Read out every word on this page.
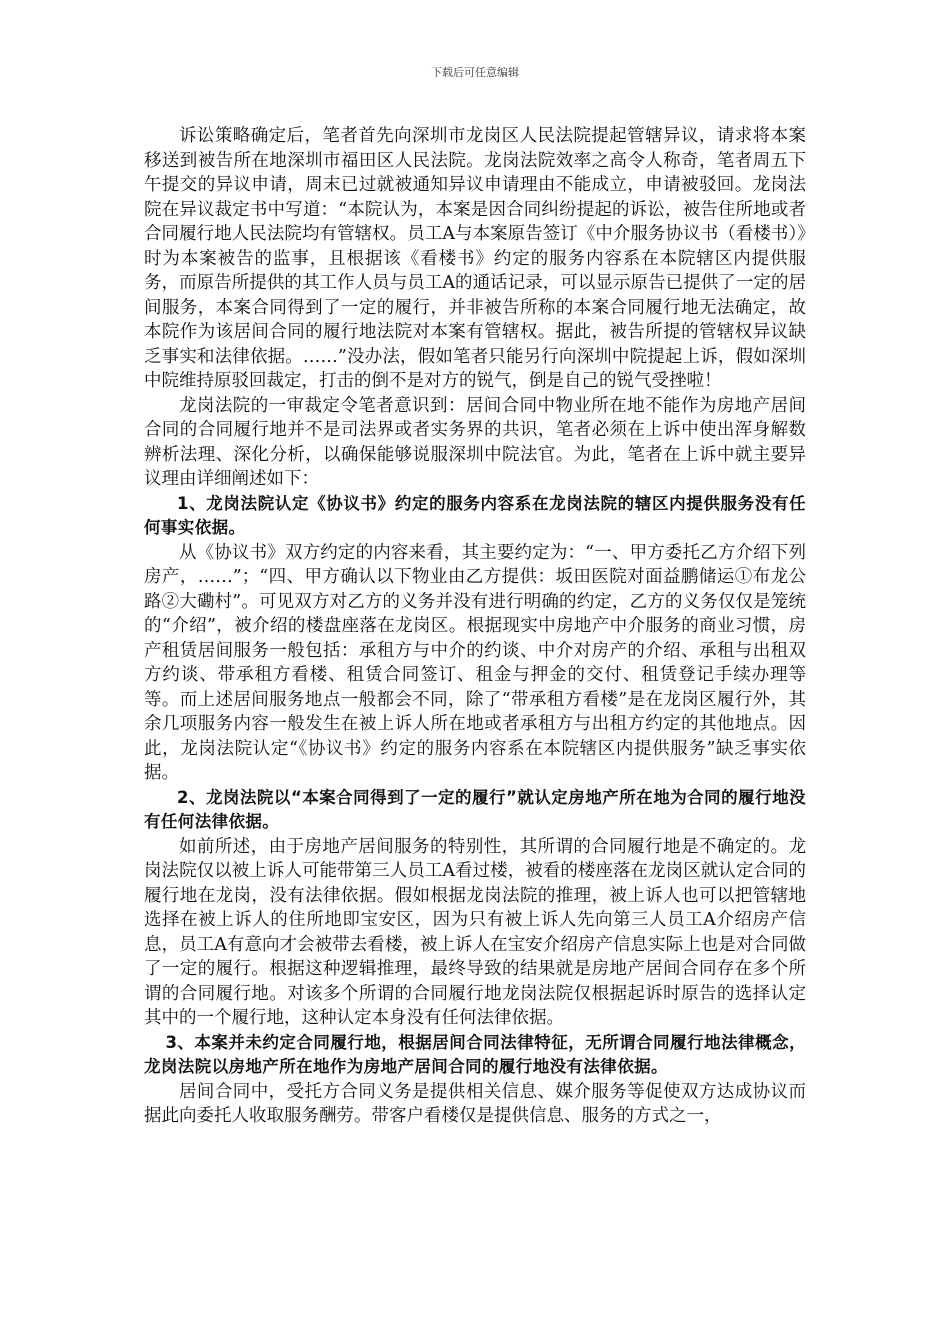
下载后可任意编辑

诉讼策略确定后，笔者首先向深圳市龙岗区人民法院提起管辖异议，请求将本案移送到被告所在地深圳市福田区人民法院。龙岗法院效率之高令人称奇，笔者周五下午提交的异议申请，周末已过就被通知异议申请理由不能成立，申请被驳回。龙岗法院在异议裁定书中写道：“本院认为，本案是因合同纠纷提起的诉讼，被告住所地或者合同履行地人民法院均有管辖权。员工A与本案原告签订《中介服务协议书（看楼书）》时为本案被告的监事，且根据该《看楼书》约定的服务内容系在本院辖区内提供服务，而原告所提供的其工作人员与员工A的通话记录，可以显示原告已提供了一定的居间服务，本案合同得到了一定的履行，并非被告所称的本案合同履行地无法确定，故本院作为该居间合同的履行地法院对本案有管辖权。据此，被告所提的管辖权异议缺乏事实和法律依据。……”没办法，假如笔者只能另行向深圳中院提起上诉，假如深圳中院维持原驳回裁定，打击的倒不是对方的锐气，倒是自己的锐气受挫啦！

龙岗法院的一审裁定令笔者意识到：居间合同中物业所在地不能作为房地产居间合同的合同履行地并不是司法界或者实务界的共识，笔者必须在上诉中使出浑身解数辨析法理、深化分析，以确保能够说服深圳中院法官。为此，笔者在上诉中就主要异议理由详细阐述如下：

1、龙岗法院认定《协议书》约定的服务内容系在龙岗法院的辖区内提供服务没有任何事实依据。

从《协议书》双方约定的内容来看，其主要约定为：“一、甲方委托乙方介绍下列房产，……”；“四、甲方确认以下物业由乙方提供：坂田医院对面益鹏储运①布龙公路②大磡村”。可见双方对乙方的义务并没有进行明确的约定，乙方的义务仅仅是笼统的“介绍”，被介绍的楼盘座落在龙岗区。根据现实中房地产中介服务的商业习惯，房产租赁居间服务一般包括：承租方与中介的约谈、中介对房产的介绍、承租与出租双方约谈、带承租方看楼、租赁合同签订、租金与押金的交付、租赁登记手续办理等等。而上述居间服务地点一般都会不同，除了“带承租方看楼”是在龙岗区履行外，其余几项服务内容一般发生在被上诉人所在地或者承租方与出租方约定的其他地点。因此，龙岗法院认定“《协议书》约定的服务内容系在本院辖区内提供服务”缺乏事实依据。

2、龙岗法院以“本案合同得到了一定的履行”就认定房地产所在地为合同的履行地没有任何法律依据。

如前所述，由于房地产居间服务的特别性，其所谓的合同履行地是不确定的。龙岗法院仅以被上诉人可能带第三人员工A看过楼，被看的楼座落在龙岗区就认定合同的履行地在龙岗，没有法律依据。假如根据龙岗法院的推理，被上诉人也可以把管辖地选择在被上诉人的住所地即宝安区，因为只有被上诉人先向第三人员工A介绍房产信息，员工A有意向才会被带去看楼，被上诉人在宝安介绍房产信息实际上也是对合同做了一定的履行。根据这种逻辑推理，最终导致的结果就是房地产居间合同存在多个所谓的合同履行地。对该多个所谓的合同履行地龙岗法院仅根据起诉时原告的选择认定其中的一个履行地，这种认定本身没有任何法律依据。

3、本案并未约定合同履行地，根据居间合同法律特征，无所谓合同履行地法律概念，龙岗法院以房地产所在地作为房地产居间合同的履行地没有法律依据。

居间合同中，受托方合同义务是提供相关信息、媒介服务等促使双方达成协议而据此向委托人收取服务酬劳。带客户看楼仅是提供信息、服务的方式之一，
